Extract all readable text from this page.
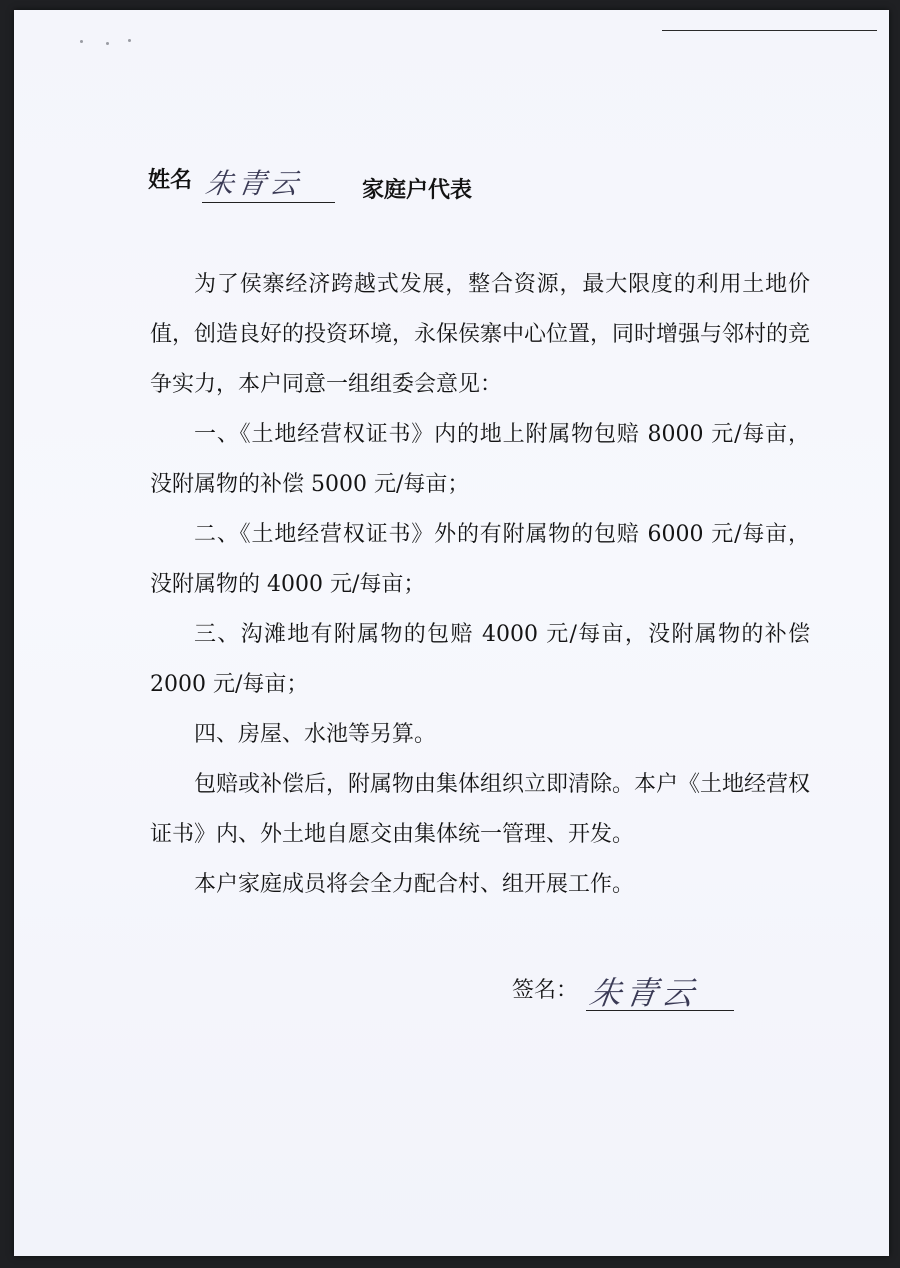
姓名 朱青云	家庭户代表

为了侯寨经济跨越式发展，整合资源，最大限度的利用土地价值，创造良好的投资环境，永保侯寨中心位置，同时增强与邻村的竞争实力，本户同意一组组委会意见：

一、《土地经营权证书》内的地上附属物包赔 8000 元/每亩，没附属物的补偿 5000 元/每亩；

二、《土地经营权证书》外的有附属物的包赔 6000 元/每亩，没附属物的 4000 元/每亩；

三、沟滩地有附属物的包赔 4000 元/每亩，没附属物的补偿 2000 元/每亩；

四、房屋、水池等另算。

包赔或补偿后，附属物由集体组织立即清除。本户《土地经营权证书》内、外土地自愿交由集体统一管理、开发。

本户家庭成员将会全力配合村、组开展工作。

签名： 朱青云
